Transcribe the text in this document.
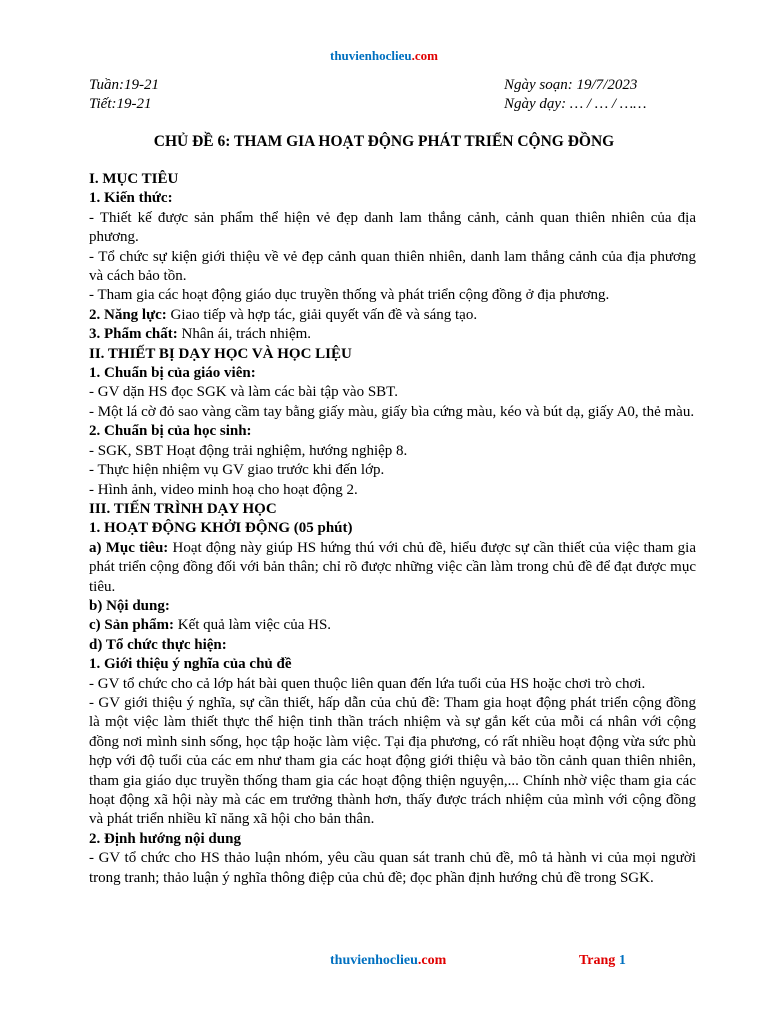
thuvienhoclieu.com
Tuần:19-21
Tiết:19-21
Ngày soạn: 19/7/2023
Ngày dạy: … / … / ……
CHỦ ĐỀ 6: THAM GIA HOẠT ĐỘNG PHÁT TRIỂN CỘNG ĐỒNG

I. MỤC TIÊU

1. Kiến thức:

- Thiết kế được sản phẩm thể hiện vẻ đẹp danh lam thắng cảnh, cảnh quan thiên nhiên của địa phương.

- Tổ chức sự kiện giới thiệu về vẻ đẹp cảnh quan thiên nhiên, danh lam thắng cảnh của địa phương và cách bảo tồn.

- Tham gia các hoạt động giáo dục truyền thống và phát triển cộng đồng ở địa phương.

2. Năng lực: Giao tiếp và hợp tác, giải quyết vấn đề và sáng tạo.

3. Phẩm chất: Nhân ái, trách nhiệm.

II. THIẾT BỊ DẠY HỌC VÀ HỌC LIỆU

1. Chuẩn bị của giáo viên:

- GV dặn HS đọc SGK và làm các bài tập vào SBT.

- Một lá cờ đỏ sao vàng cầm tay bằng giấy màu, giấy bìa cứng màu, kéo và bút dạ, giấy A0, thẻ màu.

2. Chuẩn bị của học sinh:

- SGK, SBT Hoạt động trải nghiệm, hướng nghiệp 8.

- Thực hiện nhiệm vụ GV giao trước khi đến lớp.

- Hình ảnh, video minh hoạ cho hoạt động 2.

III. TIẾN TRÌNH DẠY HỌC

1. HOẠT ĐỘNG KHỞI ĐỘNG (05 phút)

a) Mục tiêu: Hoạt động này giúp HS hứng thú với chủ đề, hiểu được sự cần thiết của việc tham gia phát triển cộng đồng đối với bản thân; chỉ rõ được những việc cần làm trong chủ đề để đạt được mục tiêu.

b) Nội dung:

c) Sản phẩm: Kết quả làm việc của HS.

d) Tổ chức thực hiện:

1. Giới thiệu ý nghĩa của chủ đề

- GV tổ chức cho cả lớp hát bài quen thuộc liên quan đến lứa tuổi của HS hoặc chơi trò chơi.

- GV giới thiệu ý nghĩa, sự cần thiết, hấp dẫn của chủ đề: Tham gia hoạt động phát triển cộng đồng là một việc làm thiết thực thể hiện tinh thần trách nhiệm và sự gắn kết của mỗi cá nhân với cộng đồng nơi mình sinh sống, học tập hoặc làm việc. Tại địa phương, có rất nhiều hoạt động vừa sức phù hợp với độ tuổi của các em như tham gia các hoạt động giới thiệu và bảo tồn cảnh quan thiên nhiên, tham gia giáo dục truyền thống tham gia các hoạt động thiện nguyện,... Chính nhờ việc tham gia các hoạt động xã hội này mà các em trưởng thành hơn, thấy được trách nhiệm của mình với cộng đồng và phát triển nhiều kĩ năng xã hội cho bản thân.

2. Định hướng nội dung

- GV tổ chức cho HS thảo luận nhóm, yêu cầu quan sát tranh chủ đề, mô tả hành vi của mọi người trong tranh; thảo luận ý nghĩa thông điệp của chủ đề; đọc phần định hướng chủ đề trong SGK.

thuvienhoclieu.com	Trang 1
